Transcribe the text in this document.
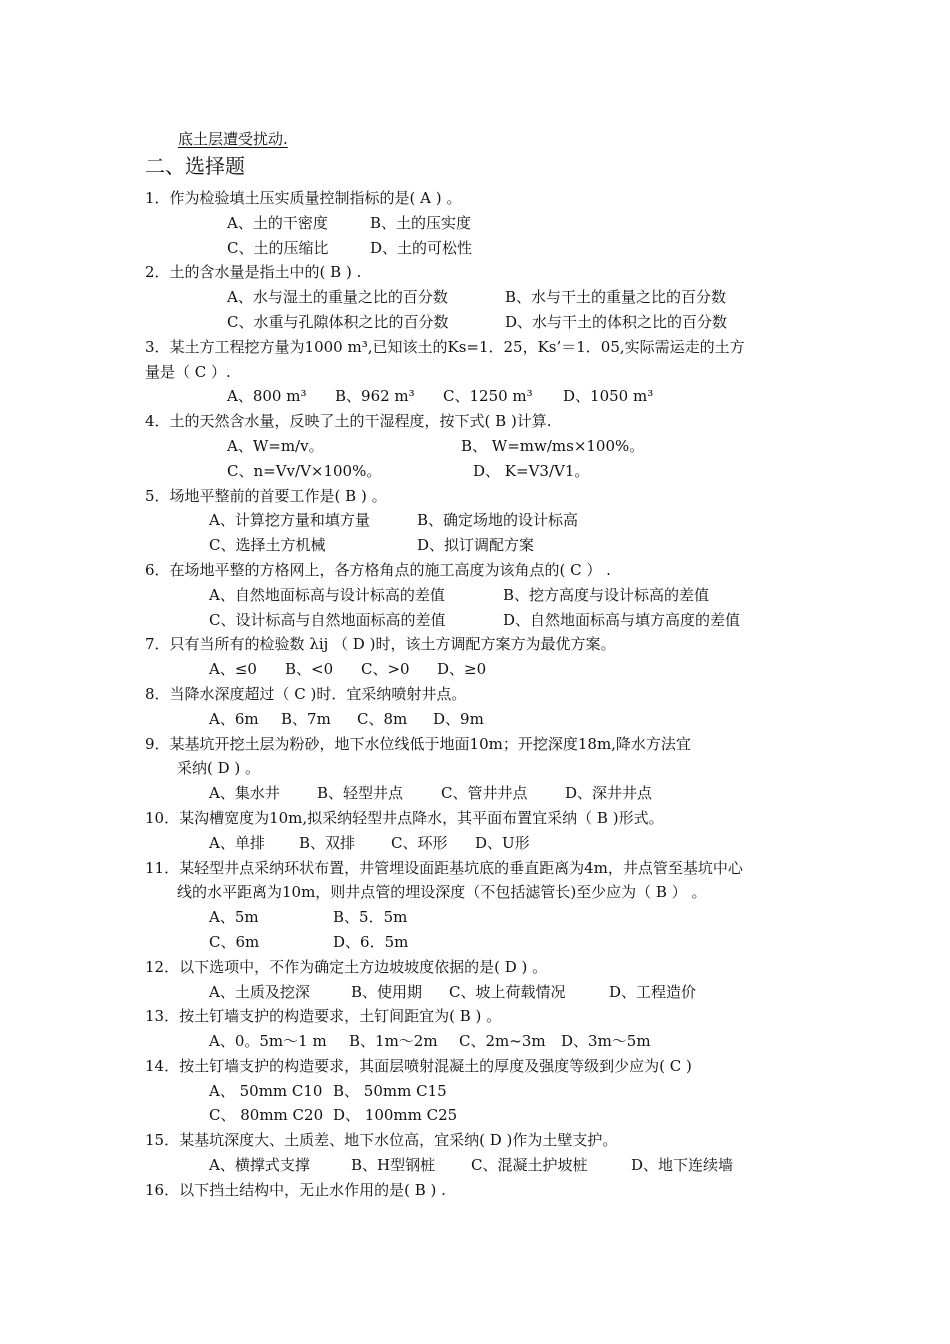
底土层遭受扰动.
二、选择题
1．作为检验填土压实质量控制指标的是( A ) 。
A、土的干密度	B、土的压实度
C、土的压缩比	D、土的可松性
2．土的含水量是指土中的( B ) .
A、水与湿土的重量之比的百分数	B、水与干土的重量之比的百分数
C、水重与孔隙体积之比的百分数	D、水与干土的体积之比的百分数
3．某土方工程挖方量为1000 m³,已知该土的Ks=1．25，Ks’＝1．05,实际需运走的土方
量是（ C ）.
A、800 m³ B、962 m³ C、1250 m³ D、1050 m³
4．土的天然含水量，反映了土的干湿程度，按下式( B )计算.
A、W=m/v。	B、 W=mw/ms×100%。
C、n=Vv/V×100%。	D、 K=V3/V1。
5．场地平整前的首要工作是( B ) 。
A、计算挖方量和填方量	B、确定场地的设计标高
C、选择土方机械	D、拟订调配方案
6．在场地平整的方格网上，各方格角点的施工高度为该角点的( C ） .
A、自然地面标高与设计标高的差值	B、挖方高度与设计标高的差值
C、设计标高与自然地面标高的差值	D、自然地面标高与填方高度的差值
7．只有当所有的检验数 λij （ D )时，该土方调配方案方为最优方案。
A、≤0 B、<0 C、>0 D、≥0
8．当降水深度超过（ C )时．宜采纳喷射井点。
A、6m B、7m C、8m D、9m
9．某基坑开挖土层为粉砂，地下水位线低于地面10m；开挖深度18m,降水方法宜
采纳( D ) 。
A、集水井 B、轻型井点	C、管井井点	D、深井井点
10．某沟槽宽度为10m,拟采纳轻型井点降水，其平面布置宜采纳（ B )形式。
A、单排 B、双排 C、环形 D、U形
11．某轻型井点采纳环状布置，井管埋设面距基坑底的垂直距离为4m，井点管至基坑中心
线的水平距离为10m，则井点管的埋设深度（不包括滤管长)至少应为（ B ） 。
A、5m	B、5．5m
C、6m	D、6．5m
12．以下选项中，不作为确定土方边坡坡度依据的是( D ) 。
A、土质及挖深	B、使用期 C、坡上荷载情况	D、工程造价
13．按土钉墙支护的构造要求，土钉间距宜为( B ) 。
A、0。5m～1 m B、1m～2m C、2m~3m D、3m～5m
14．按土钉墙支护的构造要求，其面层喷射混凝土的厚度及强度等级到少应为( C )
A、 50mm C10 B、 50mm C15
C、 80mm C20 D、 100mm C25
15．某基坑深度大、土质差、地下水位高，宜采纳( D )作为土壁支护。
A、横撑式支撑	B、H型钢桩 C、混凝土护坡桩	D、地下连续墙
16．以下挡土结构中，无止水作用的是( B ) .
